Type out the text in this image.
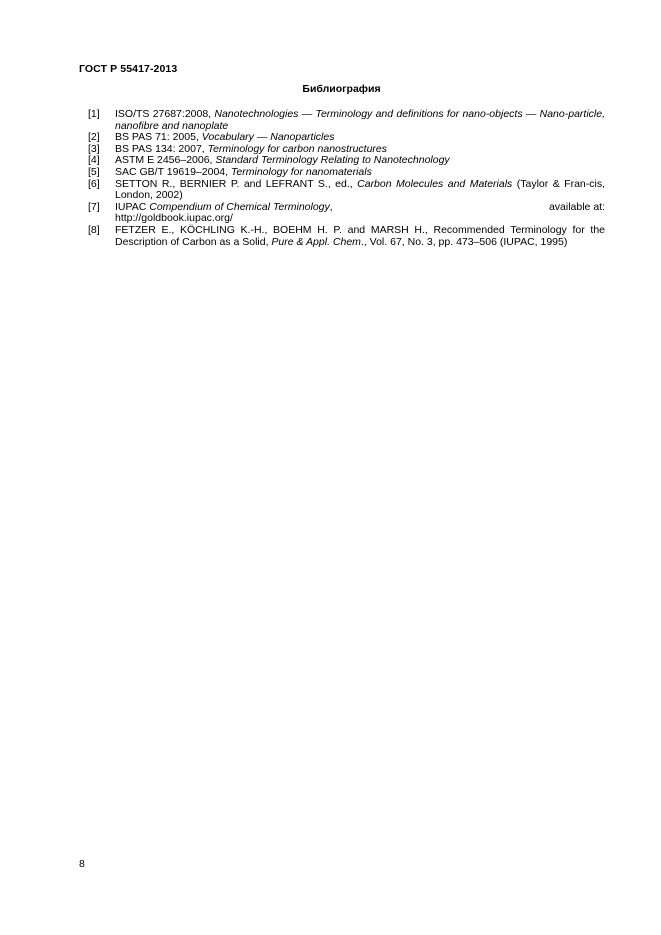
ГОСТ Р 55417-2013
Библиография
[1]	ISO/TS 27687:2008, Nanotechnologies — Terminology and definitions for nano-objects — Nano-particle, nanofibre and nanoplate
[2]	BS PAS 71: 2005, Vocabulary — Nanoparticles
[3]	BS PAS 134: 2007, Terminology for carbon nanostructures
[4]	ASTM E 2456–2006, Standard Terminology Relating to Nanotechnology
[5]	SAC GB/T 19619–2004, Terminology for nanomaterials
[6]	SETTON R., BERNIER P. and LEFRANT S., ed., Carbon Molecules and Materials (Taylor & Fran-cis, London, 2002)
[7]	IUPAC Compendium of Chemical Terminology,	available at:
http://goldbook.iupac.org/
[8]	FETZER E., KÖCHLING K.-H., BOEHM H. P. and MARSH H., Recommended Terminology for the Description of Carbon as a Solid, Pure & Appl. Chem., Vol. 67, No. 3, pp. 473–506 (IUPAC, 1995)
8
